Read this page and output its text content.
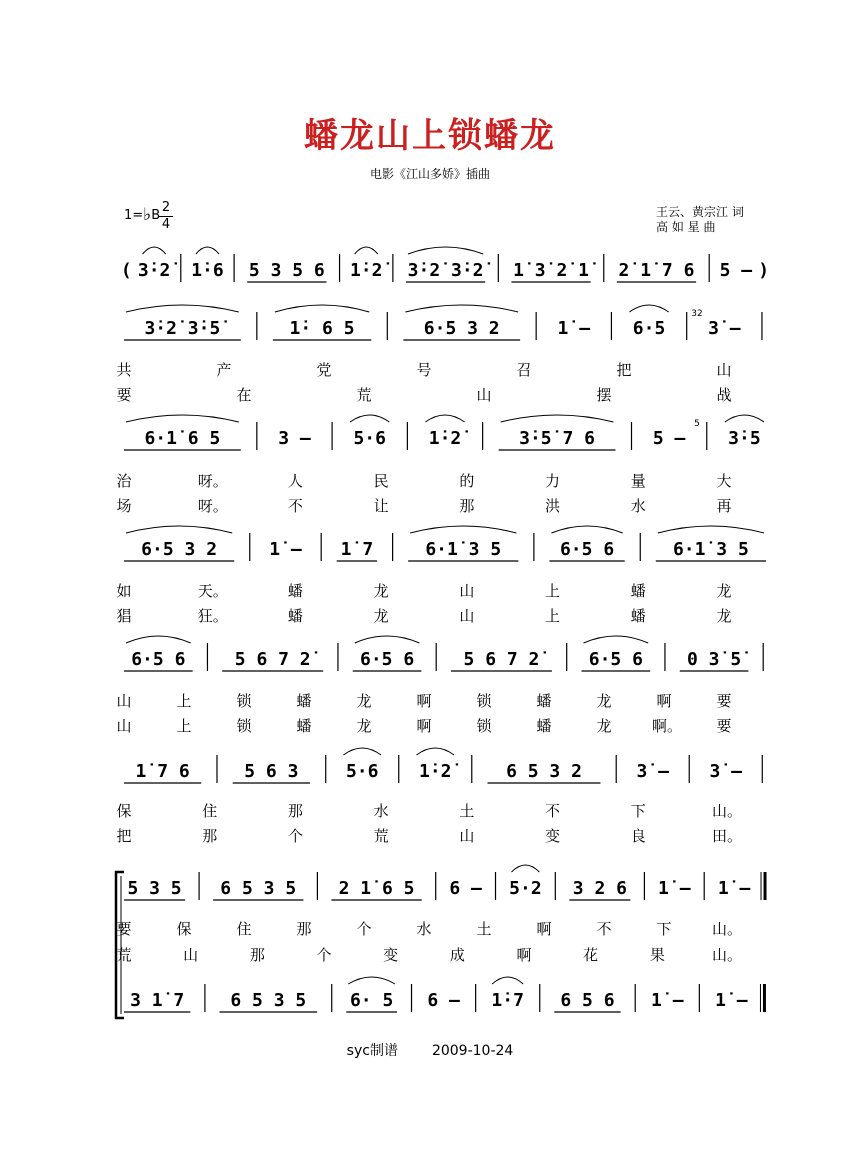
蟠龙山上锁蟠龙
电影《江山多娇》插曲
1=♭B
2
4
王云、黄宗江 词
高 如 星 曲
( 3̇·2̇	1̇·6 5 3 5 6 1̇·2̇	3̇·2̇ 3̇·2̇	1̇ 3̇ 2̇ 1̇	2̇ 1̇ 7 6 5 – )
3̇·2̇ 3̇·5̇	1̇· 6 5	6·5 3 2	1̇ – 6·5 3̇ –
6·1̇ 6 5	3 – 5·6 1̇·2̇	3̇·5̇ 7 6	5 – 3̇·5
6·5 3 2	1̇ – 1̇ 7	6·1̇ 3 5	6·5 6	6·1̇ 3 5
6·5 6	5 6 7 2̇	6·5 6	5 6 7 2̇	6·5 6 0 3̇ 5̇
1̇ 7 6	5 6 3	5·6 1̇·2̇	6 5 3 2	3̇ – 3̇ –
5 3 5 6 5 3 5 2 1̇ 6 5 6 – 5·2 3 2 6 1̇ – 1̇ –
3 1̇ 7	6 5 3 5 6· 5 6 – 1̇·7 6 5 6 1̇ – 1̇ –
32
5
共	产	党	号	召	把	山
要	在	荒	山	摆	战
治	呀。	人	民	的	力	量	大
场	呀。	不	让	那	洪	水	再
如	天。	蟠	龙	山	上	蟠	龙
猖	狂。	蟠	龙	山	上	蟠	龙
山	上	锁	蟠	龙	啊	锁	蟠	龙	啊	要
山	上	锁	蟠	龙	啊	锁	蟠	龙	啊。 要
保	住	那	水	土	不	下	山。
把	那	个	荒	山	变	良	田。
要	保	住	那	个	水	土	啊	不	下	山。
荒	山	那	个	变	成	啊	花	果	山。
syc制谱 2009-10-24
